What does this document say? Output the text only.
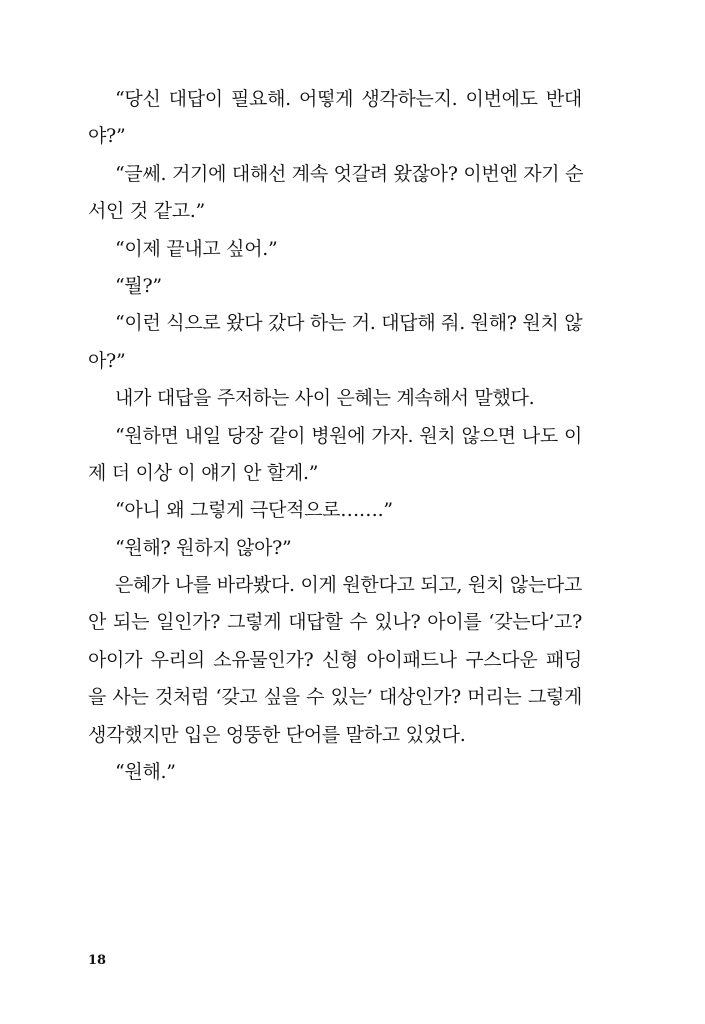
“당신 대답이 필요해. 어떻게 생각하는지. 이번에도 반대
야?”
“글쎄. 거기에 대해선 계속 엇갈려 왔잖아? 이번엔 자기 순
서인 것 같고.”
“이제 끝내고 싶어.”
“뭘?”
“이런 식으로 왔다 갔다 하는 거. 대답해 줘. 원해? 원치 않
아?”
내가 대답을 주저하는 사이 은혜는 계속해서 말했다.
“원하면 내일 당장 같이 병원에 가자. 원치 않으면 나도 이
제 더 이상 이 얘기 안 할게.”
“아니 왜 그렇게 극단적으로…….”
“원해? 원하지 않아?”
은혜가 나를 바라봤다. 이게 원한다고 되고, 원치 않는다고
안 되는 일인가? 그렇게 대답할 수 있나? 아이를 ‘갖는다’고?
아이가 우리의 소유물인가? 신형 아이패드나 구스다운 패딩
을 사는 것처럼 ‘갖고 싶을 수 있는’ 대상인가? 머리는 그렇게
생각했지만 입은 엉뚱한 단어를 말하고 있었다.
“원해.”
18
